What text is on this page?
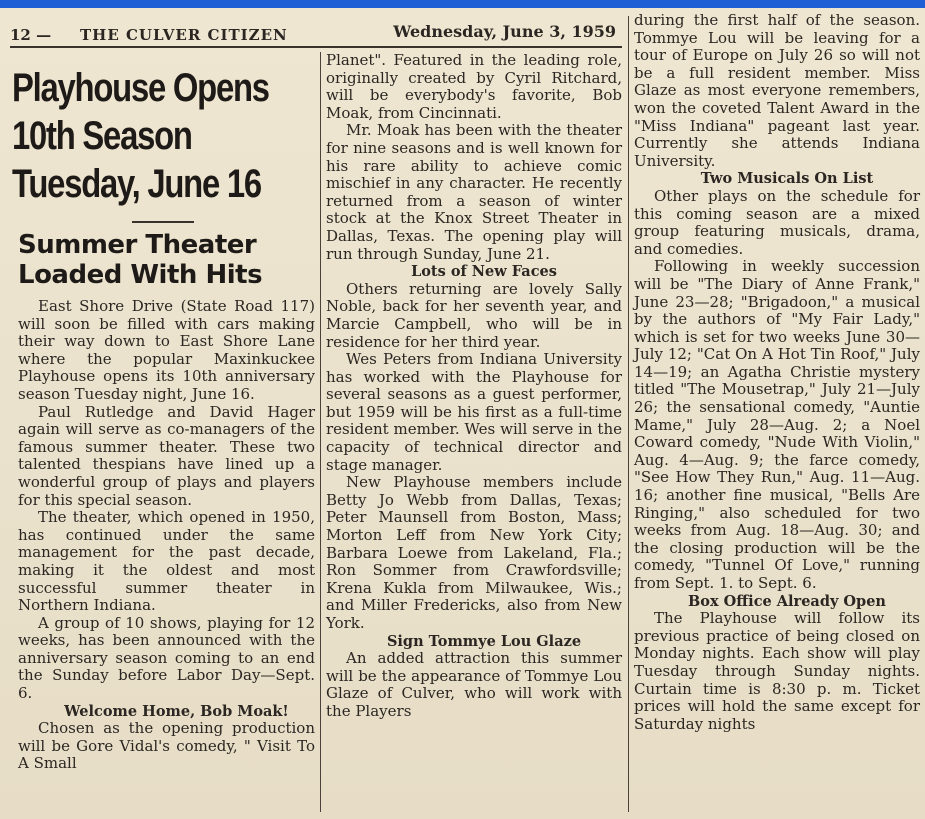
12 — THE CULVER CITIZEN	Wednesday, June 3, 1959
Playhouse Opens
10th Season
Tuesday, June 16
Summer Theater
Loaded With Hits

East Shore Drive (State Road 117) will soon be filled with cars making their way down to East Shore Lane where the popular Maxinkuckee Playhouse opens its 10th anniversary season Tuesday night, June 16.

Paul Rutledge and David Hager again will serve as co-managers of the famous summer theater. These two talented thespians have lined up a wonderful group of plays and players for this special season.

The theater, which opened in 1950, has continued under the same management for the past decade, making it the oldest and most successful summer theater in Northern Indiana.

A group of 10 shows, playing for 12 weeks, has been announced with the anniversary season coming to an end the Sunday before Labor Day—Sept. 6.

Welcome Home, Bob Moak!

Chosen as the opening production will be Gore Vidal's comedy, " Visit To A Small

Planet". Featured in the leading role, originally created by Cyril Ritchard, will be everybody's favorite, Bob Moak, from Cincinnati.

Mr. Moak has been with the theater for nine seasons and is well known for his rare ability to achieve comic mischief in any character. He recently returned from a season of winter stock at the Knox Street Theater in Dallas, Texas. The opening play will run through Sunday, June 21.

Lots of New Faces

Others returning are lovely Sally Noble, back for her seventh year, and Marcie Campbell, who will be in residence for her third year.

Wes Peters from Indiana University has worked with the Playhouse for several seasons as a guest performer, but 1959 will be his first as a full-time resident member. Wes will serve in the capacity of technical director and stage manager.

New Playhouse members include Betty Jo Webb from Dallas, Texas; Peter Maunsell from Boston, Mass; Morton Leff from New York City; Barbara Loewe from Lakeland, Fla.; Ron Sommer from Crawfordsville; Krena Kukla from Milwaukee, Wis.; and Miller Fredericks, also from New York.

Sign Tommye Lou Glaze

An added attraction this summer will be the appearance of Tommye Lou Glaze of Culver, who will work with the Players

during the first half of the season. Tommye Lou will be leaving for a tour of Europe on July 26 so will not be a full resident member. Miss Glaze as most everyone remembers, won the coveted Talent Award in the "Miss Indiana" pageant last year. Currently she attends Indiana University.

Two Musicals On List

Other plays on the schedule for this coming season are a mixed group featuring musicals, drama, and comedies.

Following in weekly succession will be "The Diary of Anne Frank," June 23—28; "Brigadoon," a musical by the authors of "My Fair Lady," which is set for two weeks June 30—July 12; "Cat On A Hot Tin Roof," July 14—19; an Agatha Christie mystery titled "The Mousetrap," July 21—July 26; the sensational comedy, "Auntie Mame," July 28—Aug. 2; a Noel Coward comedy, "Nude With Violin," Aug. 4—Aug. 9; the farce comedy, "See How They Run," Aug. 11—Aug. 16; another fine musical, "Bells Are Ringing," also scheduled for two weeks from Aug. 18—Aug. 30; and the closing production will be the comedy, "Tunnel Of Love," running from Sept. 1. to Sept. 6.

Box Office Already Open

The Playhouse will follow its previous practice of being closed on Monday nights. Each show will play Tuesday through Sunday nights. Curtain time is 8:30 p. m. Ticket prices will hold the same except for Saturday nights
